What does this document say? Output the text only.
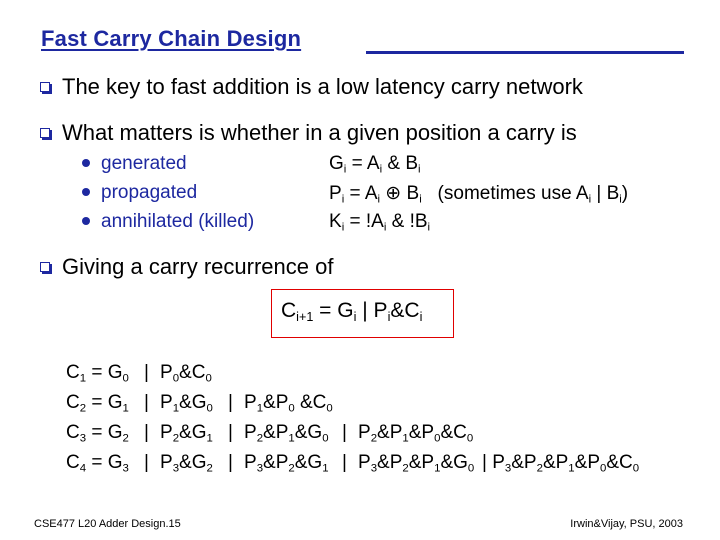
Fast Carry Chain Design
The key to fast addition is a low latency carry network
What matters is whether in a given position a carry is
generated
propagated
annihilated (killed)
$G_i = A_i$ & $B_i$
$P_i = A_i$ ⊕ $B_i$   (sometimes use $A_i$ | $B_i$)
$K_i = !A_i$ & $!B_i$
Giving a carry recurrence of
$C_{i+1} = G_i$ | $P_i\&C_i$
$C_1 = G_0$ | $P_0\&C_0$
$C_2 = G_1$ | $P_1\&G_0$ | $P_1\&P_0$ $\&C_0$
$C_3 = G_2$ | $P_2\&G_1$ | $P_2\&P_1\&G_0$ | $P_2\&P_1\&P_0\&C_0$
$C_4 = G_3$ | $P_3\&G_2$ | $P_3\&P_2\&G_1$ | $P_3\&P_2\&P_1\&G_0$ | $P_3\&P_2\&P_1\&P_0\&C_0$
CSE477 L20 Adder Design.15	Irwin&Vijay, PSU, 2003
